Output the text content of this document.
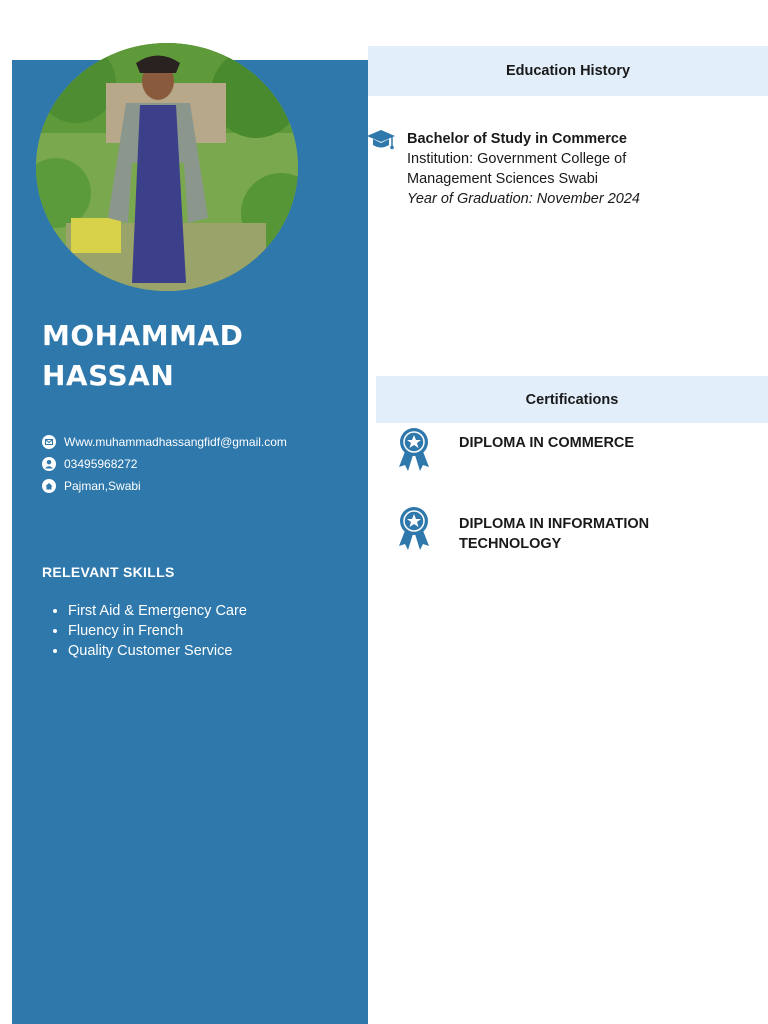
MOHAMMAD
HASSAN
Www.muhammadhassangfidf@gmail.com
03495968272
Pajman,Swabi
RELEVANT SKILLS
• First Aid & Emergency Care
• Fluency in French
• Quality Customer Service
Education History
Bachelor of Study in Commerce
Institution: Government College of
Management Sciences Swabi
Year of Graduation: November 2024
Certifications
DIPLOMA IN COMMERCE
DIPLOMA IN INFORMATION
TECHNOLOGY
